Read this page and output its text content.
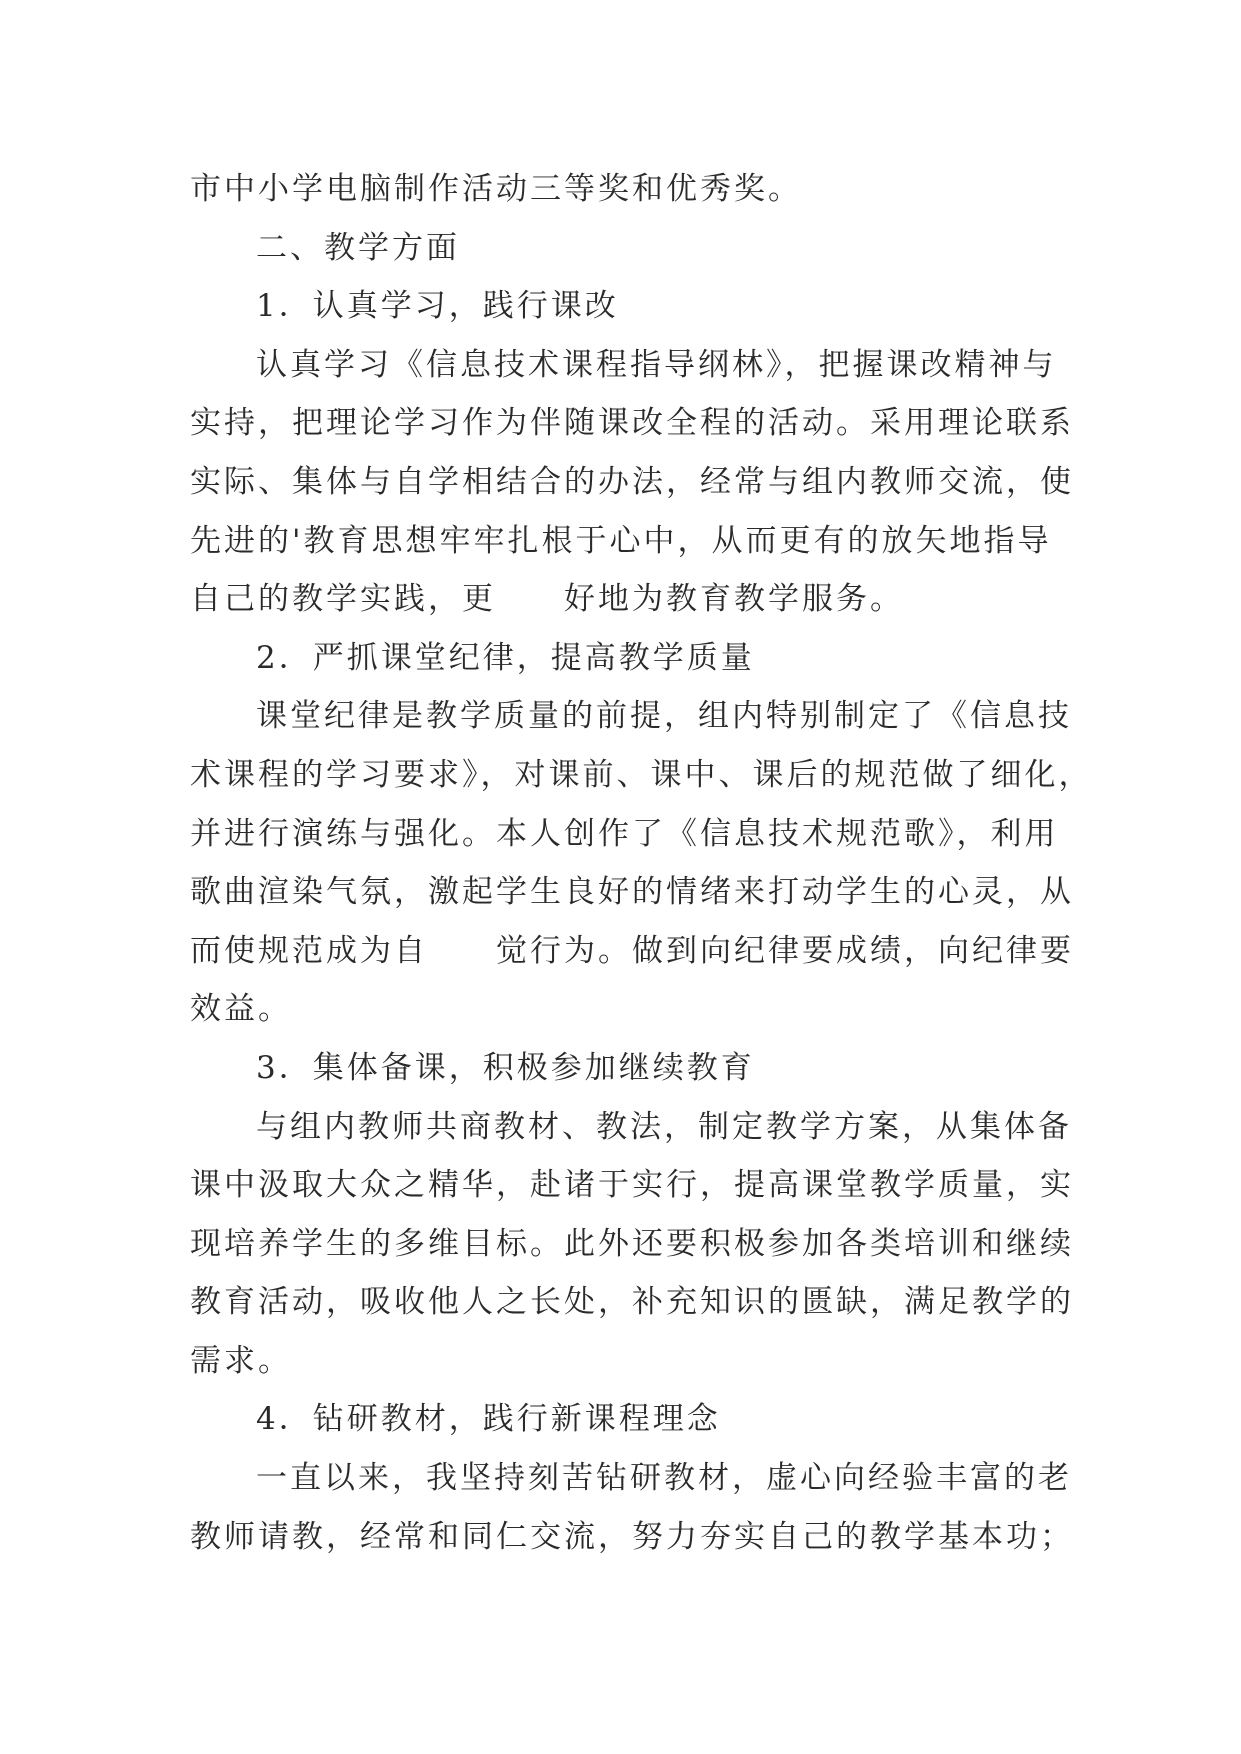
市中小学电脑制作活动三等奖和优秀奖。
二、教学方面
1．认真学习，践行课改
认真学习《信息技术课程指导纲林》，把握课改精神与
实持，把理论学习作为伴随课改全程的活动。采用理论联系
实际、集体与自学相结合的办法，经常与组内教师交流，使
先进的'教育思想牢牢扎根于心中，从而更有的放矢地指导
自己的教学实践，更　　好地为教育教学服务。
2．严抓课堂纪律，提高教学质量
课堂纪律是教学质量的前提，组内特别制定了《信息技
术课程的学习要求》，对课前、课中、课后的规范做了细化，
并进行演练与强化。本人创作了《信息技术规范歌》，利用
歌曲渲染气氛，激起学生良好的情绪来打动学生的心灵，从
而使规范成为自　　觉行为。做到向纪律要成绩，向纪律要
效益。
3．集体备课，积极参加继续教育
与组内教师共商教材、教法，制定教学方案，从集体备
课中汲取大众之精华，赴诸于实行，提高课堂教学质量，实
现培养学生的多维目标。此外还要积极参加各类培训和继续
教育活动，吸收他人之长处，补充知识的匮缺，满足教学的
需求。
4．钻研教材，践行新课程理念
一直以来，我坚持刻苦钻研教材，虚心向经验丰富的老
教师请教，经常和同仁交流，努力夯实自己的教学基本功；
